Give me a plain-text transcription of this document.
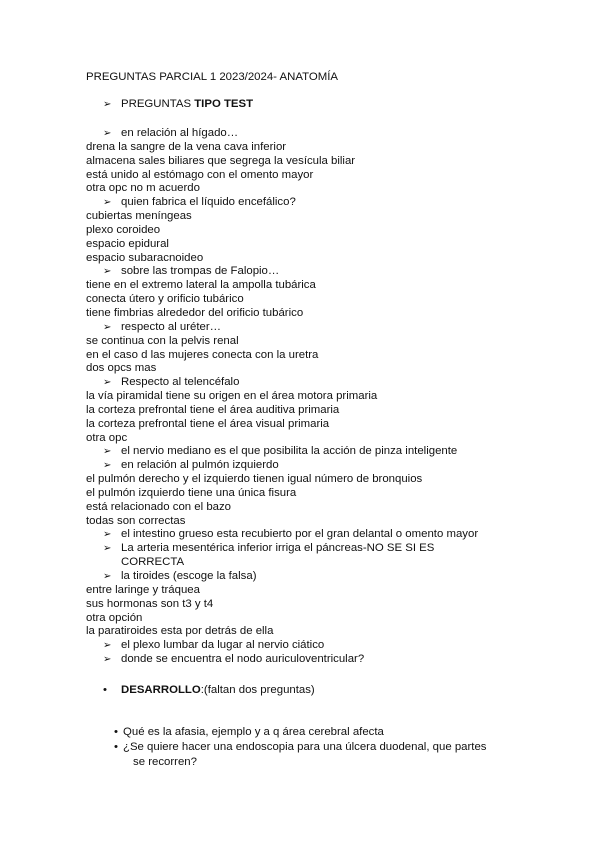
PREGUNTAS PARCIAL 1 2023/2024- ANATOMÍA
➢ PREGUNTAS TIPO TEST
➢ en relación al hígado…
drena la sangre de la vena cava inferior
almacena sales biliares que segrega la vesícula biliar
está unido al estómago con el omento mayor
otra opc no m acuerdo
➢ quien fabrica el líquido encefálico?
cubiertas meníngeas
plexo coroideo
espacio epidural
espacio subaracnoideo
➢ sobre las trompas de Falopio…
tiene en el extremo lateral la ampolla tubárica
conecta útero y orificio tubárico
tiene fimbrias alrededor del orificio tubárico
➢ respecto al uréter…
se continua con la pelvis renal
en el caso d las mujeres conecta con la uretra
dos opcs mas
➢ Respecto al telencéfalo
la vía piramidal tiene su origen en el área motora primaria
la corteza prefrontal tiene el área auditiva primaria
la corteza prefrontal tiene el área visual primaria
otra opc
➢ el nervio mediano es el que posibilita la acción de pinza inteligente
➢ en relación al pulmón izquierdo
el pulmón derecho y el izquierdo tienen igual número de bronquios
el pulmón izquierdo tiene una única fisura
está relacionado con el bazo
todas son correctas
➢ el intestino grueso esta recubierto por el gran delantal o omento mayor
➢ La arteria mesentérica inferior irriga el páncreas-NO SE SI ES
CORRECTA
➢ la tiroides (escoge la falsa)
entre laringe y tráquea
sus hormonas son t3 y t4
otra opción
la paratiroides esta por detrás de ella
➢ el plexo lumbar da lugar al nervio ciático
➢ donde se encuentra el nodo auriculoventricular?
• DESARROLLO:(faltan dos preguntas)
• Qué es la afasia, ejemplo y a q área cerebral afecta
• ¿Se quiere hacer una endoscopia para una úlcera duodenal, que partes
se recorren?
